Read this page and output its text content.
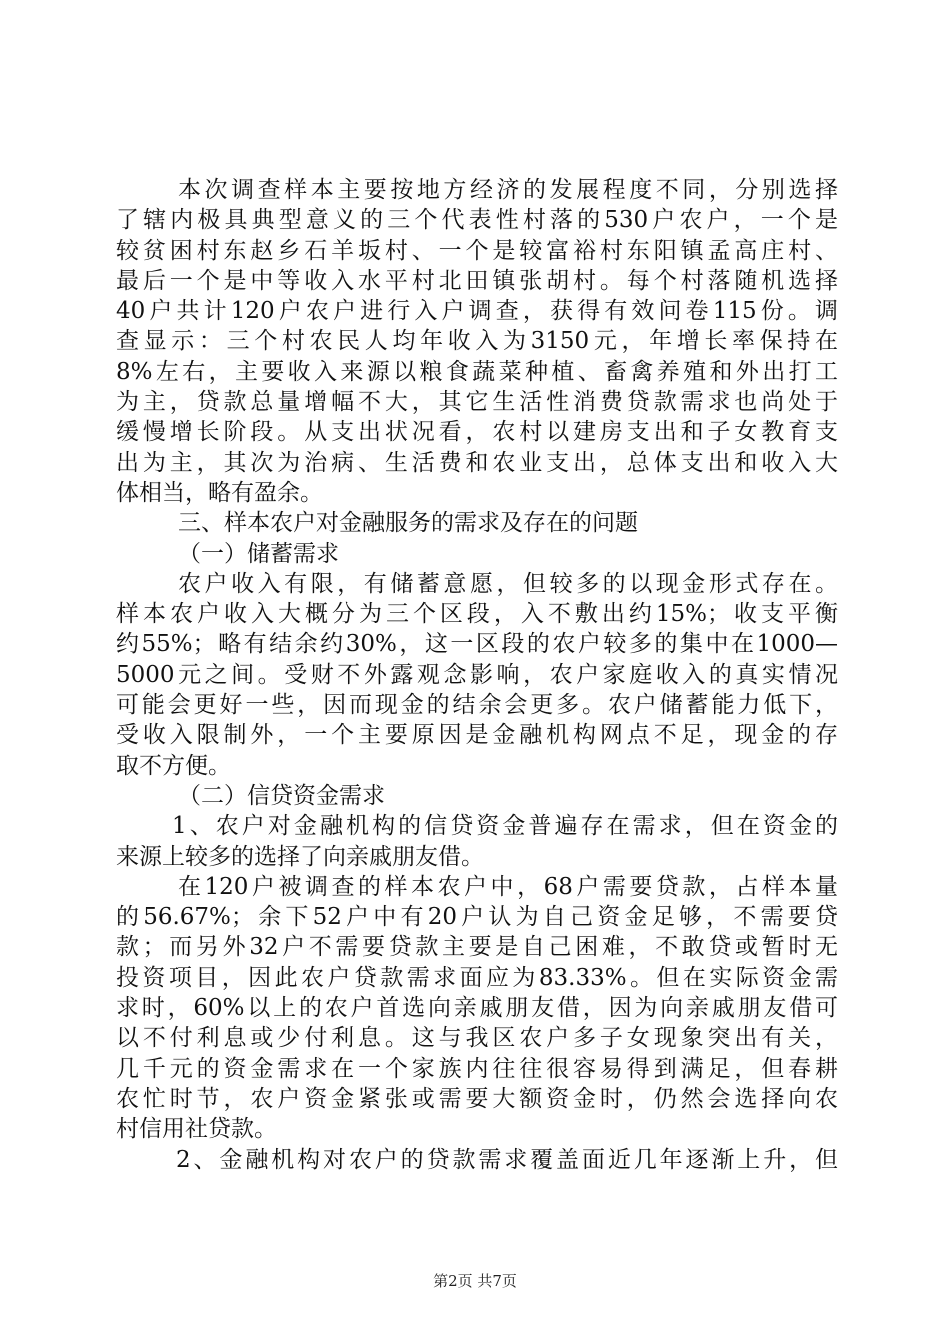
本次调查样本主要按地方经济的发展程度不同，分别选择
了辖内极具典型意义的三个代表性村落的530户农户，一个是
较贫困村东赵乡石羊坂村、一个是较富裕村东阳镇孟高庄村、
最后一个是中等收入水平村北田镇张胡村。每个村落随机选择
40户共计120户农户进行入户调查，获得有效问卷115份。调
查显示：三个村农民人均年收入为3150元，年增长率保持在
8%左右，主要收入来源以粮食蔬菜种植、畜禽养殖和外出打工
为主，贷款总量增幅不大，其它生活性消费贷款需求也尚处于
缓慢增长阶段。从支出状况看，农村以建房支出和子女教育支
出为主，其次为治病、生活费和农业支出，总体支出和收入大
体相当，略有盈余。
三、样本农户对金融服务的需求及存在的问题
（一）储蓄需求
农户收入有限，有储蓄意愿，但较多的以现金形式存在。
样本农户收入大概分为三个区段，入不敷出约15%；收支平衡
约55%；略有结余约30%，这一区段的农户较多的集中在1000—
5000元之间。受财不外露观念影响，农户家庭收入的真实情况
可能会更好一些，因而现金的结余会更多。农户储蓄能力低下，
受收入限制外，一个主要原因是金融机构网点不足，现金的存
取不方便。
（二）信贷资金需求
1、农户对金融机构的信贷资金普遍存在需求，但在资金的
来源上较多的选择了向亲戚朋友借。
在120户被调查的样本农户中，68户需要贷款，占样本量
的56.67%；余下52户中有20户认为自己资金足够，不需要贷
款；而另外32户不需要贷款主要是自己困难，不敢贷或暂时无
投资项目，因此农户贷款需求面应为83.33%。但在实际资金需
求时，60%以上的农户首选向亲戚朋友借，因为向亲戚朋友借可
以不付利息或少付利息。这与我区农户多子女现象突出有关，
几千元的资金需求在一个家族内往往很容易得到满足，但春耕
农忙时节，农户资金紧张或需要大额资金时，仍然会选择向农
村信用社贷款。
2、金融机构对农户的贷款需求覆盖面近几年逐渐上升，但
第2页 共7页
